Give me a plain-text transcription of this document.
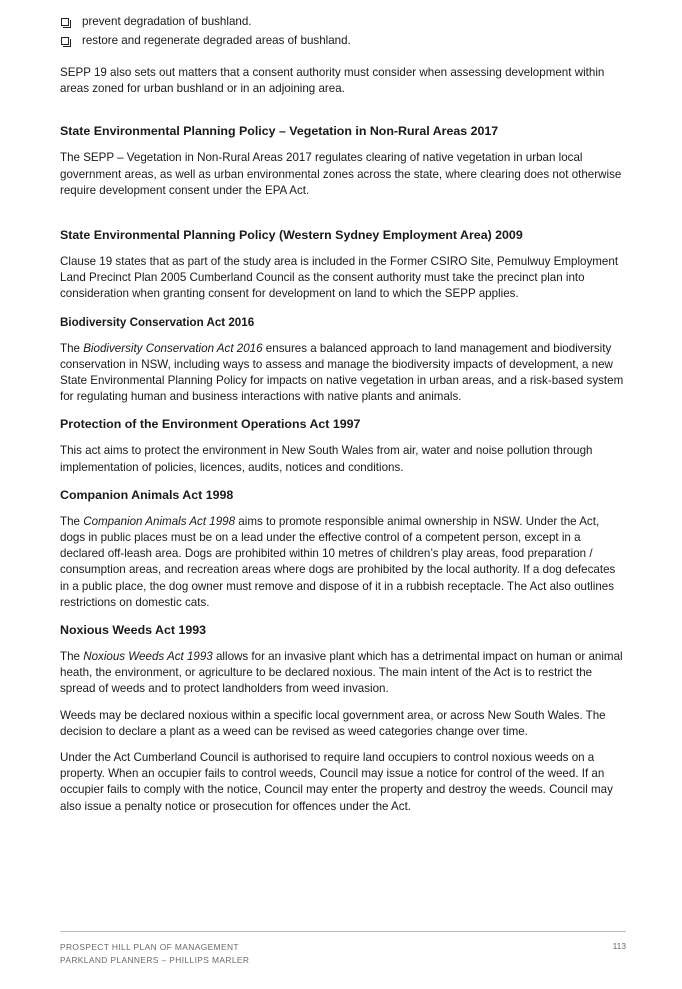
prevent degradation of bushland.
restore and regenerate degraded areas of bushland.

SEPP 19 also sets out matters that a consent authority must consider when assessing development within areas zoned for urban bushland or in an adjoining area.

State Environmental Planning Policy – Vegetation in Non-Rural Areas 2017

The SEPP – Vegetation in Non-Rural Areas 2017 regulates clearing of native vegetation in urban local government areas, as well as urban environmental zones across the state, where clearing does not otherwise require development consent under the EPA Act.

State Environmental Planning Policy (Western Sydney Employment Area) 2009

Clause 19 states that as part of the study area is included in the Former CSIRO Site, Pemulwuy Employment Land Precinct Plan 2005 Cumberland Council as the consent authority must take the precinct plan into consideration when granting consent for development on land to which the SEPP applies.

Biodiversity Conservation Act 2016

The Biodiversity Conservation Act 2016 ensures a balanced approach to land management and biodiversity conservation in NSW, including ways to assess and manage the biodiversity impacts of development, a new State Environmental Planning Policy for impacts on native vegetation in urban areas, and a risk-based system for regulating human and business interactions with native plants and animals.

Protection of the Environment Operations Act 1997

This act aims to protect the environment in New South Wales from air, water and noise pollution through implementation of policies, licences, audits, notices and conditions.

Companion Animals Act 1998

The Companion Animals Act 1998 aims to promote responsible animal ownership in NSW. Under the Act, dogs in public places must be on a lead under the effective control of a competent person, except in a declared off-leash area. Dogs are prohibited within 10 metres of children’s play areas, food preparation / consumption areas, and recreation areas where dogs are prohibited by the local authority. If a dog defecates in a public place, the dog owner must remove and dispose of it in a rubbish receptacle. The Act also outlines restrictions on domestic cats.

Noxious Weeds Act 1993

The Noxious Weeds Act 1993 allows for an invasive plant which has a detrimental impact on human or animal heath, the environment, or agriculture to be declared noxious. The main intent of the Act is to restrict the spread of weeds and to protect landholders from weed invasion.

Weeds may be declared noxious within a specific local government area, or across New South Wales. The decision to declare a plant as a weed can be revised as weed categories change over time.

Under the Act Cumberland Council is authorised to require land occupiers to control noxious weeds on a property. When an occupier fails to control weeds, Council may issue a notice for control of the weed. If an occupier fails to comply with the notice, Council may enter the property and destroy the weeds. Council may also issue a penalty notice or prosecution for offences under the Act.

PROSPECT HILL PLAN OF MANAGEMENT
PARKLAND PLANNERS – PHILLIPS MARLER
113
